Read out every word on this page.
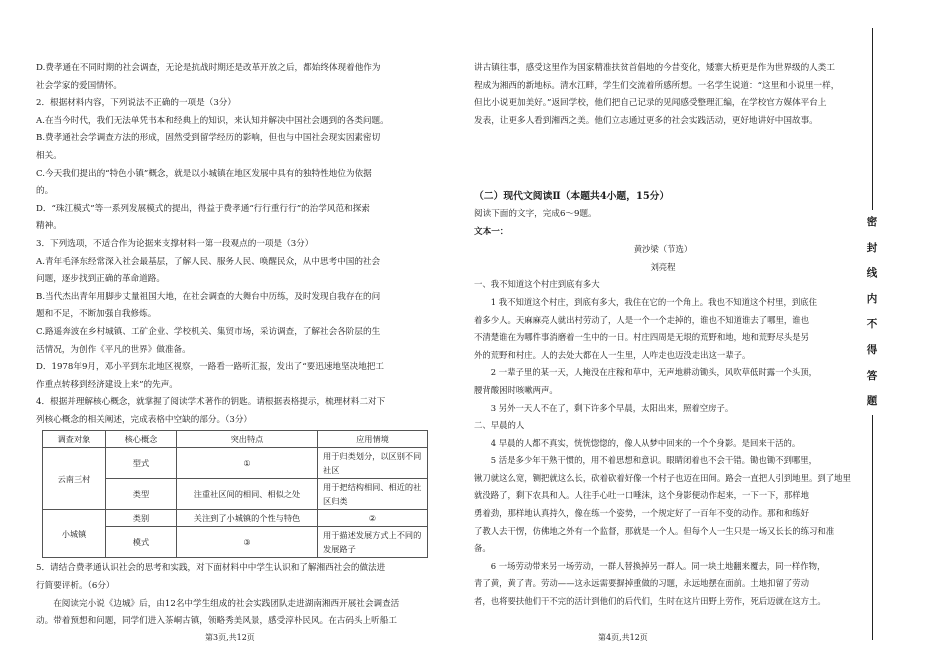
D.费孝通在不同时期的社会调查，无论是抗战时期还是改革开放之后，都始终体现着他作为

社会学家的爱国情怀。

2．根据材料内容，下列说法不正确的一项是（3分）

A.在当今时代，我们无法单凭书本和经典上的知识，来认知并解决中国社会遇到的各类问题。

B.费孝通社会学调查方法的形成，固然受到留学经历的影响，但也与中国社会现实因素密切

相关。

C.今天我们提出的“特色小镇”概念，就是以小城镇在地区发展中具有的独特性地位为依据

的。

D．“珠江模式”等一系列发展模式的提出，得益于费孝通“行行重行行”的治学风范和探索

精神。

3．下列选项，不适合作为论据来支撑材料一第一段观点的一项是（3分）

A.青年毛泽东经常深入社会最基层，了解人民、服务人民、唤醒民众，从中思考中国的社会

问题，逐步找到正确的革命道路。

B.当代杰出青年用脚步丈量祖国大地，在社会调查的大舞台中历练，及时发现自我存在的问

题和不足，不断加强自我修炼。

C.路遥奔波在乡村城镇、工矿企业、学校机关、集贸市场，采访调查，了解社会各阶层的生

活情况，为创作《平凡的世界》做准备。

D．1978年9月，邓小平到东北地区视察，一路看一路听汇报，发出了“要迅速地坚决地把工

作重点转移到经济建设上来”的先声。

4．根据并理解核心概念，就掌握了阅读学术著作的钥匙。请根据表格提示，梳理材料二对下

列核心概念的相关阐述，完成表格中空缺的部分。（3分）

调查对象	核心概念	突出特点	应用情境
云南三村	型式	①	用于归类划分，以区别不同
社区
	类型	注重社区间的相同、相似之处	用于把结构相同、相近的社
区归类
小城镇	类别	关注到了小城镇的个性与特色	②
	模式	③	用于描述发展方式上不同的
发展路子

5．请结合费孝通认识社会的思考和实践，对下面材料中中学生认识和了解湘西社会的做法进

行简要评析。（6分）

在阅读完小说《边城》后，由12名中学生组成的社会实践团队走进湖南湘西开展社会调查活

动。带着预想和问题，同学们进入茶峒古镇，领略秀美风景，感受淳朴民风。在古码头上听船工

讲古镇往事，感受这里作为国家精准扶贫首倡地的今昔变化，矮寨大桥更是作为世界级的人类工

程成为湘西的新地标。清水江畔，学生们交流着所感所想。一名学生说道：“这里和小说里一样，

但比小说更加美好。”返回学校，他们把自己记录的见闻感受整理汇编，在学校官方媒体平台上

发表，让更多人看到湘西之美。他们立志通过更多的社会实践活动，更好地讲好中国故事。

（二）现代文阅读Ⅱ（本题共4小题，15分）

阅读下面的文字，完成6～9题。

文本一：

黄沙梁（节选）

刘亮程

一、我不知道这个村庄到底有多大

1 我不知道这个村庄，到底有多大，我住在它的一个角上。我也不知道这个村里，到底住

着多少人。天麻麻亮人就出村劳动了，人是一个一个走掉的，谁也不知道谁去了哪里，谁也

不清楚谁在为哪件事消磨着一生中的一日。村庄四周是无垠的荒野和地，地和荒野尽头是另

外的荒野和村庄。人的去处大都在人一生里，人咋走也迈没走出这一辈子。

2 一辈子里的某一天，人掩没在庄稼和草中，无声地耕动锄头，风吹草低时露一个头顶，

腰背酸困时咳嗽两声。

3 另外一天人不在了，剩下许多个早晨，太阳出来，照着空房子。

二、早晨的人

4 早晨的人都不真实，恍恍惚惚的，像人从梦中回来的一个个身影。是回来干活的。

5 活是多少年干熟干惯的，用不着思想和意识。眼睛闭着也不会干错。锄也锄不到哪里，

锹刀就这么宽，铡把就这么长，砍着砍着好像一个村子也迈在田间。路会一直把人引到地里。到了地里

就没路了，剩下农具和人。人往手心吐一口唾沫，这个身影便动作起来，一下一下，那样地

勇着劲，那样地认真持久，像在练一个姿势，一个规定好了一百年不变的动作。那和和练好

了教人去干愣，仿佛地之外有一个监督，那就是一个人。但每个人一生只是一场又长长的练习和准

备。

6 一场劳动带来另一场劳动，一群人替换掉另一群人。同一块土地翻来覆去，同一样作物，

青了黄，黄了青。劳动——这永远需要摒掉重做的习题，永远地摆在面前。土地扣留了劳动

者，也将要扶他们干不完的活计到他们的后代们，生时在这片田野上劳作，死后迈就在这方土。

第3页,共12页	第4页,共12页
密
封
线
内
不
得
答
题
